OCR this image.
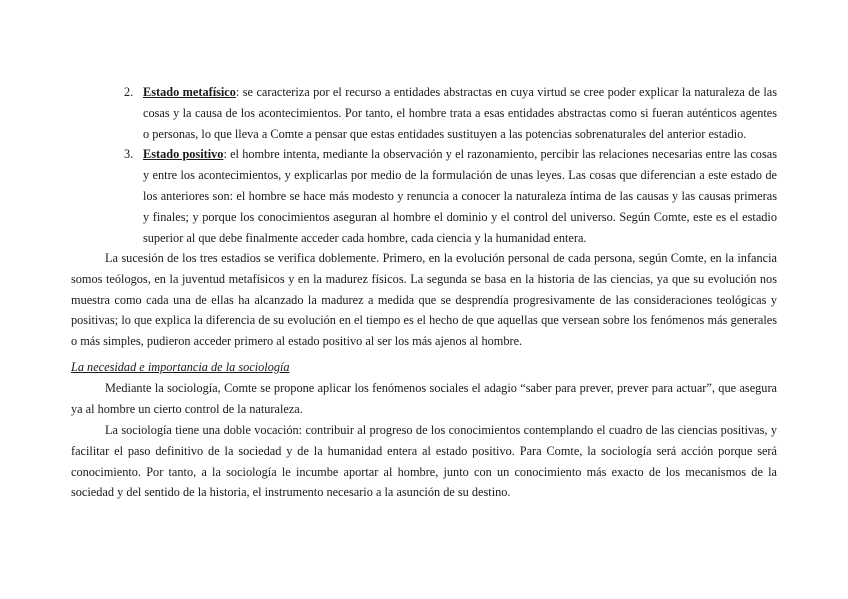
2. Estado metafísico: se caracteriza por el recurso a entidades abstractas en cuya virtud se cree poder explicar la naturaleza de las cosas y la causa de los acontecimientos. Por tanto, el hombre trata a esas entidades abstractas como si fueran auténticos agentes o personas, lo que lleva a Comte a pensar que estas entidades sustituyen a las potencias sobrenaturales del anterior estadio.
3. Estado positivo: el hombre intenta, mediante la observación y el razonamiento, percibir las relaciones necesarias entre las cosas y entre los acontecimientos, y explicarlas por medio de la formulación de unas leyes. Las cosas que diferencian a este estado de los anteriores son: el hombre se hace más modesto y renuncia a conocer la naturaleza íntima de las causas y las causas primeras y finales; y porque los conocimientos aseguran al hombre el dominio y el control del universo. Según Comte, este es el estadio superior al que debe finalmente acceder cada hombre, cada ciencia y la humanidad entera.

La sucesión de los tres estadios se verifica doblemente. Primero, en la evolución personal de cada persona, según Comte, en la infancia somos teólogos, en la juventud metafísicos y en la madurez físicos. La segunda se basa en la historia de las ciencias, ya que su evolución nos muestra como cada una de ellas ha alcanzado la madurez a medida que se desprendía progresivamente de las consideraciones teológicas y positivas; lo que explica la diferencia de su evolución en el tiempo es el hecho de que aquellas que versean sobre los fenómenos más generales o más simples, pudieron acceder primero al estado positivo al ser los más ajenos al hombre.

La necesidad e importancia de la sociología

Mediante la sociología, Comte se propone aplicar los fenómenos sociales el adagio “saber para prever, prever para actuar”, que asegura ya al hombre un cierto control de la naturaleza.

La sociología tiene una doble vocación: contribuir al progreso de los conocimientos contemplando el cuadro de las ciencias positivas, y facilitar el paso definitivo de la sociedad y de la humanidad entera al estado positivo. Para Comte, la sociología será acción porque será conocimiento. Por tanto, a la sociología le incumbe aportar al hombre, junto con un conocimiento más exacto de los mecanismos de la sociedad y del sentido de la historia, el instrumento necesario a la asunción de su destino.
